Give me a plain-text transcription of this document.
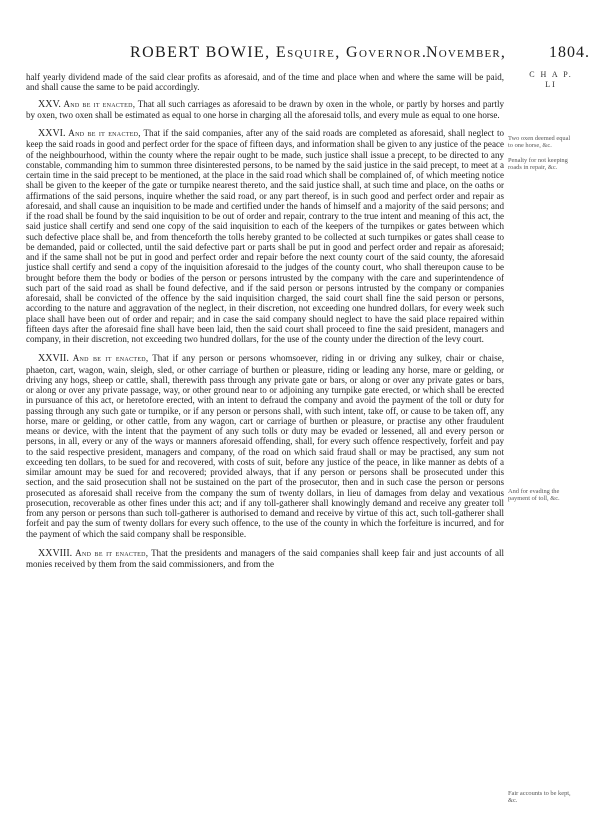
ROBERT BOWIE, Esquire, Governor.
November,	1804.
C H A P.
LI
Two oxen deemed equal to one horse, &c.
Penalty for not keeping roads in repair, &c.
And for evading the payment of toll, &c.
Fair accounts to be kept, &c.

half yearly dividend made of the said clear profits as aforesaid, and of the time and place when and where the same will be paid, and shall cause the same to be paid accordingly.

XXV. And be it enacted, That all such carriages as aforesaid to be drawn by oxen in the whole, or partly by horses and partly by oxen, two oxen shall be estimated as equal to one horse in charging all the aforesaid tolls, and every mule as equal to one horse.

XXVI. And be it enacted, That if the said companies, after any of the said roads are completed as aforesaid, shall neglect to keep the said roads in good and perfect order for the space of fifteen days, and information shall be given to any justice of the peace of the neighbourhood, within the county where the repair ought to be made, such justice shall issue a precept, to be directed to any constable, commanding him to summon three disinterested persons, to be named by the said justice in the said precept, to meet at a certain time in the said precept to be mentioned, at the place in the said road which shall be complained of, of which meeting notice shall be given to the keeper of the gate or turnpike nearest thereto, and the said justice shall, at such time and place, on the oaths or affirmations of the said persons, inquire whether the said road, or any part thereof, is in such good and perfect order and repair as aforesaid, and shall cause an inquisition to be made and certified under the hands of himself and a majority of the said persons; and if the road shall be found by the said inquisition to be out of order and repair, contrary to the true intent and meaning of this act, the said justice shall certify and send one copy of the said inquisition to each of the keepers of the turnpikes or gates between which such defective place shall be, and from thenceforth the tolls hereby granted to be collected at such turnpikes or gates shall cease to be demanded, paid or collected, until the said defective part or parts shall be put in good and perfect order and repair as aforesaid; and if the same shall not be put in good and perfect order and repair before the next county court of the said county, the aforesaid justice shall certify and send a copy of the inquisition aforesaid to the judges of the county court, who shall thereupon cause to be brought before them the body or bodies of the person or persons intrusted by the company with the care and superintendence of such part of the said road as shall be found defective, and if the said person or persons intrusted by the company or companies aforesaid, shall be convicted of the offence by the said inquisition charged, the said court shall fine the said person or persons, according to the nature and aggravation of the neglect, in their discretion, not exceeding one hundred dollars, for every week such place shall have been out of order and repair; and in case the said company should neglect to have the said place repaired within fifteen days after the aforesaid fine shall have been laid, then the said court shall proceed to fine the said president, managers and company, in their discretion, not exceeding two hundred dollars, for the use of the county under the direction of the levy court.

XXVII. And be it enacted, That if any person or persons whomsoever, riding in or driving any sulkey, chair or chaise, phaeton, cart, wagon, wain, sleigh, sled, or other carriage of burthen or pleasure, riding or leading any horse, mare or gelding, or driving any hogs, sheep or cattle, shall, therewith pass through any private gate or bars, or along or over any private gates or bars, or along or over any private passage, way, or other ground near to or adjoining any turnpike gate erected, or which shall be erected in pursuance of this act, or heretofore erected, with an intent to defraud the company and avoid the payment of the toll or duty for passing through any such gate or turnpike, or if any person or persons shall, with such intent, take off, or cause to be taken off, any horse, mare or gelding, or other cattle, from any wagon, cart or carriage of burthen or pleasure, or practise any other fraudulent means or device, with the intent that the payment of any such tolls or duty may be evaded or lessened, all and every person or persons, in all, every or any of the ways or manners aforesaid offending, shall, for every such offence respectively, forfeit and pay to the said respective president, managers and company, of the road on which said fraud shall or may be practised, any sum not exceeding ten dollars, to be sued for and recovered, with costs of suit, before any justice of the peace, in like manner as debts of a similar amount may be sued for and recovered; provided always, that if any person or persons shall be prosecuted under this section, and the said prosecution shall not be sustained on the part of the prosecutor, then and in such case the person or persons prosecuted as aforesaid shall receive from the company the sum of twenty dollars, in lieu of damages from delay and vexatious prosecution, recoverable as other fines under this act; and if any toll-gatherer shall knowingly demand and receive any greater toll from any person or persons than such toll-gatherer is authorised to demand and receive by virtue of this act, such toll-gatherer shall forfeit and pay the sum of twenty dollars for every such offence, to the use of the county in which the forfeiture is incurred, and for the payment of which the said company shall be responsible.

XXVIII. And be it enacted, That the presidents and managers of the said companies shall keep fair and just accounts of all monies received by them from the said commissioners, and from the
